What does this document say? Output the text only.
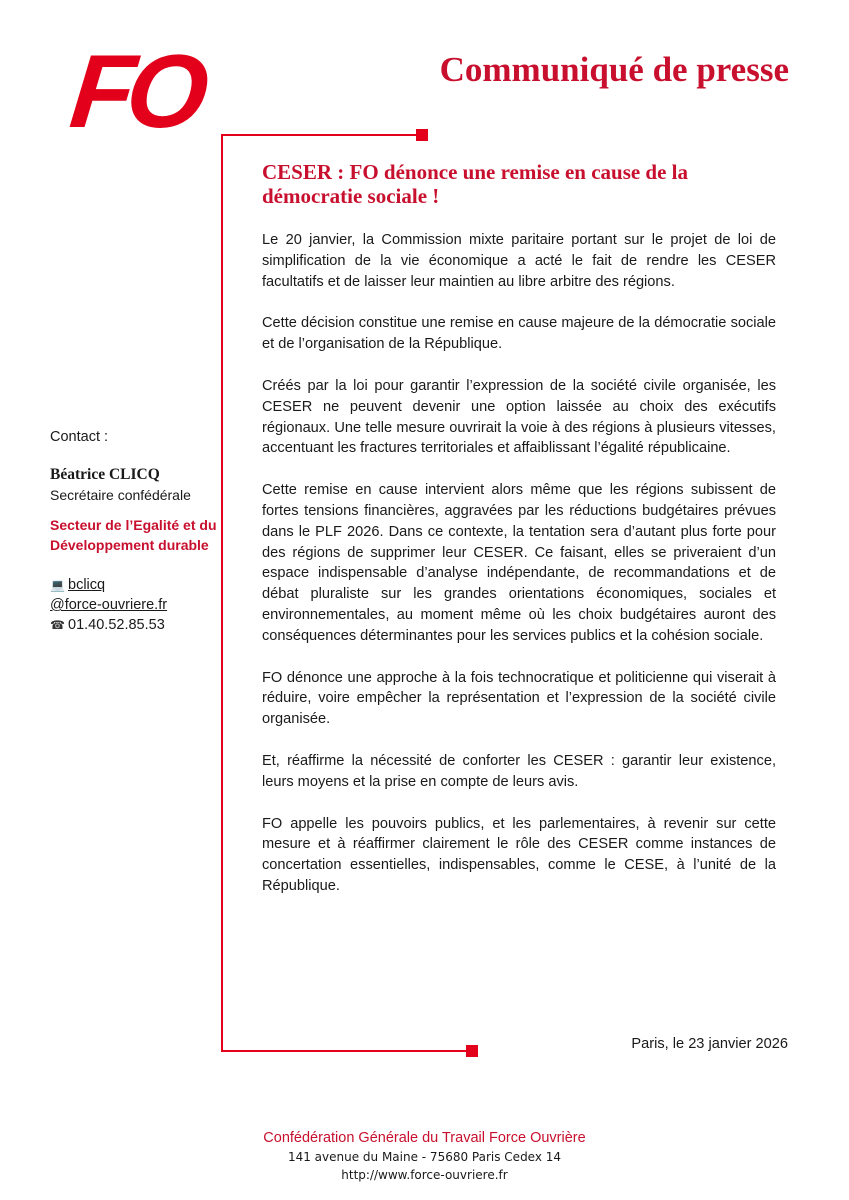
FO	Communiqué de presse
CESER : FO dénonce une remise en cause de la démocratie sociale !

Le 20 janvier, la Commission mixte paritaire portant sur le projet de loi de simplification de la vie économique a acté le fait de rendre les CESER facultatifs et de laisser leur maintien au libre arbitre des régions.

Cette décision constitue une remise en cause majeure de la démocratie sociale et de l’organisation de la République.

Créés par la loi pour garantir l’expression de la société civile organisée, les CESER ne peuvent devenir une option laissée au choix des exécutifs régionaux. Une telle mesure ouvrirait la voie à des régions à plusieurs vitesses, accentuant les fractures territoriales et affaiblissant l’égalité républicaine.

Cette remise en cause intervient alors même que les régions subissent de fortes tensions financières, aggravées par les réductions budgétaires prévues dans le PLF 2026. Dans ce contexte, la tentation sera d’autant plus forte pour des régions de supprimer leur CESER. Ce faisant, elles se priveraient d’un espace indispensable d’analyse indépendante, de recommandations et de débat pluraliste sur les grandes orientations économiques, sociales et environnementales, au moment même où les choix budgétaires auront des conséquences déterminantes pour les services publics et la cohésion sociale.

FO dénonce une approche à la fois technocratique et politicienne qui viserait à réduire, voire empêcher la représentation et l’expression de la société civile organisée.

Et, réaffirme la nécessité de conforter les CESER : garantir leur existence, leurs moyens et la prise en compte de leurs avis.

FO appelle les pouvoirs publics, et les parlementaires, à revenir sur cette mesure et à réaffirmer clairement le rôle des CESER comme instances de concertation essentielles, indispensables, comme le CESE, à l’unité de la République.

Paris, le 23 janvier 2026
Contact :
Béatrice CLICQ
Secrétaire confédérale
Secteur de l’Egalité et du Développement durable
💻 bclicq
@force-ouvriere.fr
☎ 01.40.52.85.53
Confédération Générale du Travail Force Ouvrière
141 avenue du Maine - 75680 Paris Cedex 14
http://www.force-ouvriere.fr
